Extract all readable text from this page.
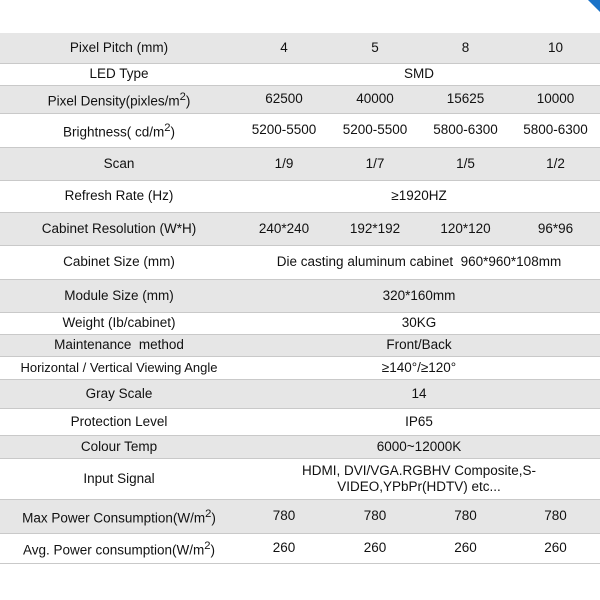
Pixel Pitch (mm)	4	5	8	10
LED Type	SMD			
Pixel $Density(pixles/m^2)$	62500	40000	15625	10000
Brightness( $cd/m^2$)	5200-5500	5200-5500	5800-6300	5800-6300
Scan	1/9	1/7	1/5	1/2
Refresh Rate (Hz)	≥1920HZ			
Cabinet Resolution (W*H)	240*240	192*192	120*120	96*96
Cabinet Size (mm)	Die casting aluminum cabinet  960*960*108mm			
Module Size (mm)	320*160mm			
Weight (Ib/cabinet)	30KG			
Maintenance  method	Front/Back			
Horizontal / Vertical Viewing Angle	≥140°/≥120°			
Gray Scale	14			
Protection Level	IP65			
Colour Temp	6000~12000K			
Input Signal	HDMI, DVI/VGA.RGBHV Composite,S-
VIDEO,YPbPr(HDTV) etc...			

Max Power $Consumption(W/m^2)$	780	780	780	780
Avg. Power $consumption(W/m^2)$	260	260	260	260
